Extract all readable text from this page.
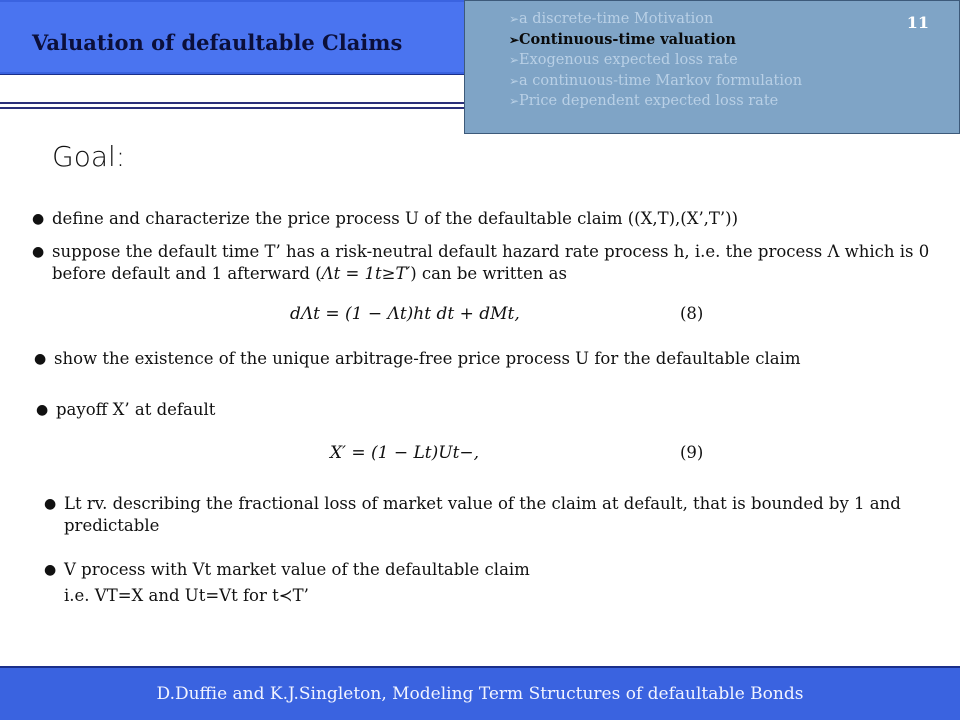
Valuation of defaultable Claims
➢a discrete-time Motivation
➢Continuous-time valuation
➢Exogenous expected loss rate
➢a continuous-time Markov formulation
➢Price dependent expected loss rate
11
Goal:
● define and characterize the price process U of the defaultable claim ((X,T),(X’,T’))
● suppose the default time T’ has a risk-neutral default hazard rate process h, i.e. the process Λ which is 0
before default and 1 afterward (Λt = 1t≥T′) can be written as
dΛt = (1 − Λt)ht dt + dMt,	(8)
● show the existence of the unique arbitrage-free price process U for the defaultable claim
● payoff X’ at default
X′ = (1 − Lt)Ut−,	(9)
● Lt rv. describing the fractional loss of market value of the claim at default, that is bounded by 1 and
predictable
● V process with Vt market value of the defaultable claim
i.e. VT=X and Ut=Vt for t≺T’
D.Duffie and K.J.Singleton, Modeling Term Structures of defaultable Bonds
